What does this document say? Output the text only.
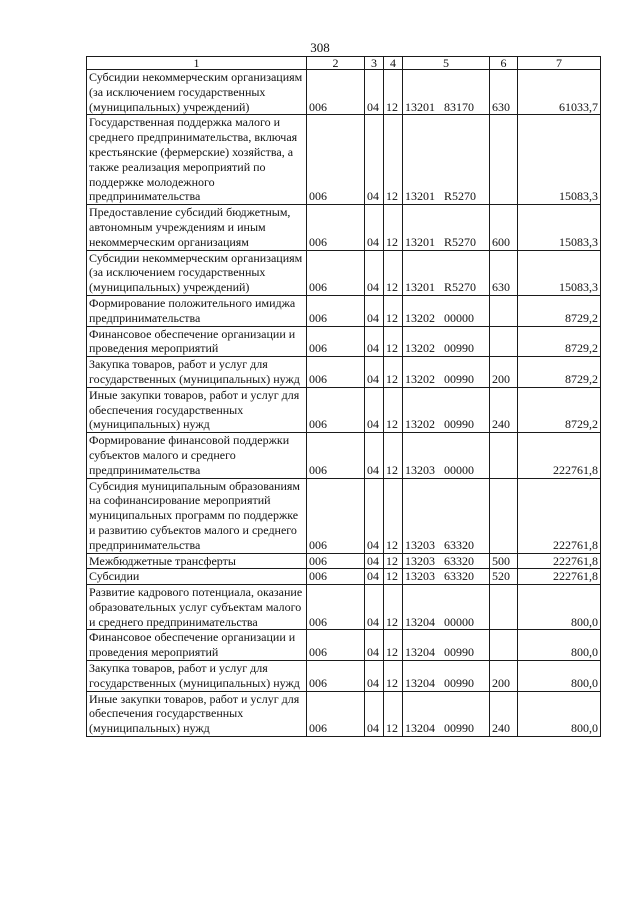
308
1	2	3	4	5	6	7
Субсидии некоммерческим организациям (за исключением государственных (муниципальных) учреждений)	006	04	12	13201 83170	630	61033,7
Государственная поддержка малого и среднего предпринимательства, включая крестьянские (фермерские) хозяйства, а также реализация мероприятий по поддержке молодежного предпринимательства	006	04	12	13201 R5270		15083,3
Предоставление субсидий бюджетным, автономным учреждениям и иным некоммерческим организациям	006	04	12	13201 R5270	600	15083,3
Субсидии некоммерческим организациям (за исключением государственных (муниципальных) учреждений)	006	04	12	13201 R5270	630	15083,3
Формирование положительного имиджа предпринимательства	006	04	12	13202 00000		8729,2
Финансовое обеспечение организации и проведения мероприятий	006	04	12	13202 00990		8729,2
Закупка товаров, работ и услуг для государственных (муниципальных) нужд	006	04	12	13202 00990	200	8729,2
Иные закупки товаров, работ и услуг для обеспечения государственных (муниципальных) нужд	006	04	12	13202 00990	240	8729,2
Формирование финансовой поддержки субъектов малого и среднего предпринимательства	006	04	12	13203 00000		222761,8
Субсидия муниципальным образованиям на софинансирование мероприятий муниципальных программ по поддержке и развитию субъектов малого и среднего предпринимательства	006	04	12	13203 63320		222761,8
Межбюджетные трансферты	006	04	12	13203 63320	500	222761,8
Субсидии	006	04	12	13203 63320	520	222761,8
Развитие кадрового потенциала, оказание образовательных услуг субъектам малого и среднего предпринимательства	006	04	12	13204 00000		800,0
Финансовое обеспечение организации и проведения мероприятий	006	04	12	13204 00990		800,0
Закупка товаров, работ и услуг для государственных (муниципальных) нужд	006	04	12	13204 00990	200	800,0
Иные закупки товаров, работ и услуг для обеспечения государственных (муниципальных) нужд	006	04	12	13204 00990	240	800,0
